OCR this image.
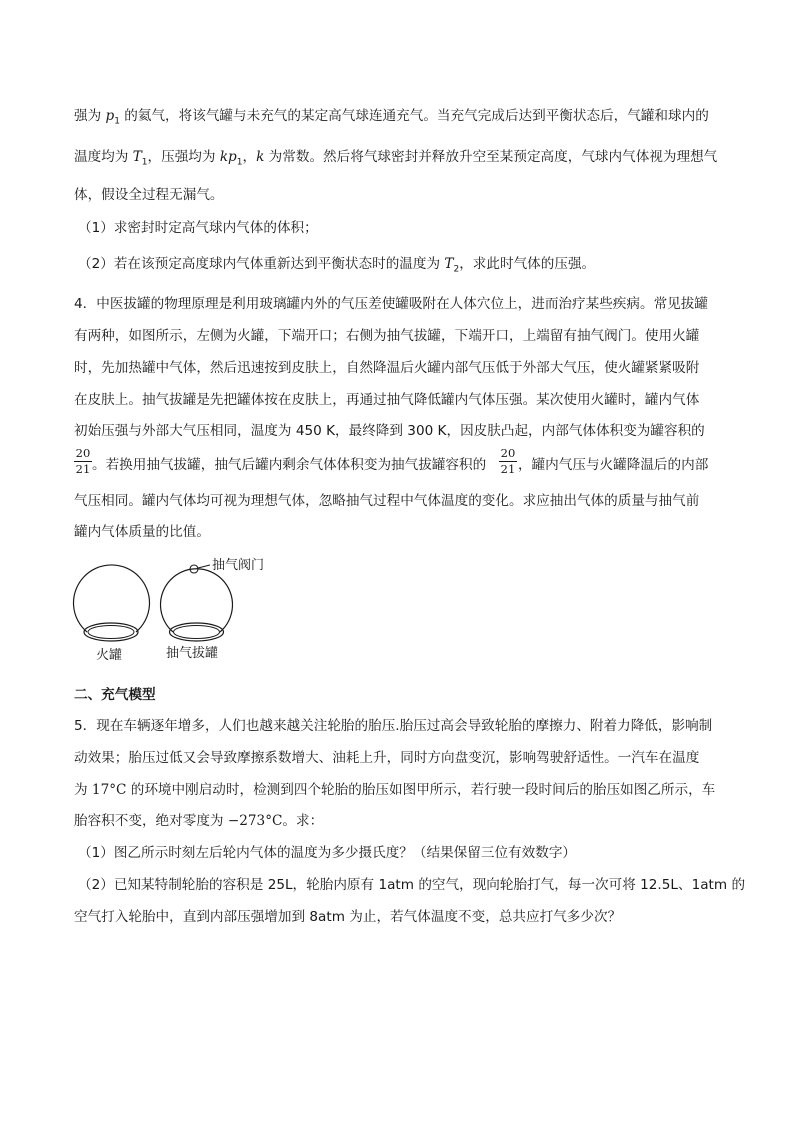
强为 $p_1$ 的氦气，将该气罐与未充气的某定高气球连通充气。当充气完成后达到平衡状态后，气罐和球内的
温度均为 $T_1$，压强均为 $kp_1$，k 为常数。然后将气球密封并释放升空至某预定高度，气球内气体视为理想气
体，假设全过程无漏气。
（1）求密封时定高气球内气体的体积；
（2）若在该预定高度球内气体重新达到平衡状态时的温度为 $T_2$，求此时气体的压强。
4．中医拔罐的物理原理是利用玻璃罐内外的气压差使罐吸附在人体穴位上，进而治疗某些疾病。常见拔罐
有两种，如图所示，左侧为火罐，下端开口；右侧为抽气拔罐，下端开口，上端留有抽气阀门。使用火罐
时，先加热罐中气体，然后迅速按到皮肤上，自然降温后火罐内部气压低于外部大气压，使火罐紧紧吸附
在皮肤上。抽气拔罐是先把罐体按在皮肤上，再通过抽气降低罐内气体压强。某次使用火罐时，罐内气体
初始压强与外部大气压相同，温度为 450 K，最终降到 300 K，因皮肤凸起，内部气体体积变为罐容积的
20
21 。若换用抽气拔罐，抽气后罐内剩余气体体积变为抽气拔罐容积的
20
21 ，罐内气压与火罐降温后的内部
气压相同。罐内气体均可视为理想气体，忽略抽气过程中气体温度的变化。求应抽出气体的质量与抽气前
罐内气体质量的比值。
抽气阀门
火罐	抽气拔罐
二、充气模型
5．现在车辆逐年增多，人们也越来越关注轮胎的胎压.胎压过高会导致轮胎的摩擦力、附着力降低，影响制
动效果；胎压过低又会导致摩擦系数增大、油耗上升，同时方向盘变沉，影响驾驶舒适性。一汽车在温度
为 17°C 的环境中刚启动时，检测到四个轮胎的胎压如图甲所示，若行驶一段时间后的胎压如图乙所示，车
胎容积不变，绝对零度为 −273°C。求：
（1）图乙所示时刻左后轮内气体的温度为多少摄氏度？（结果保留三位有效数字）
（2）已知某特制轮胎的容积是 25L，轮胎内原有 1atm 的空气，现向轮胎打气，每一次可将 12.5L、1atm 的
空气打入轮胎中，直到内部压强增加到 8atm 为止，若气体温度不变，总共应打气多少次？
